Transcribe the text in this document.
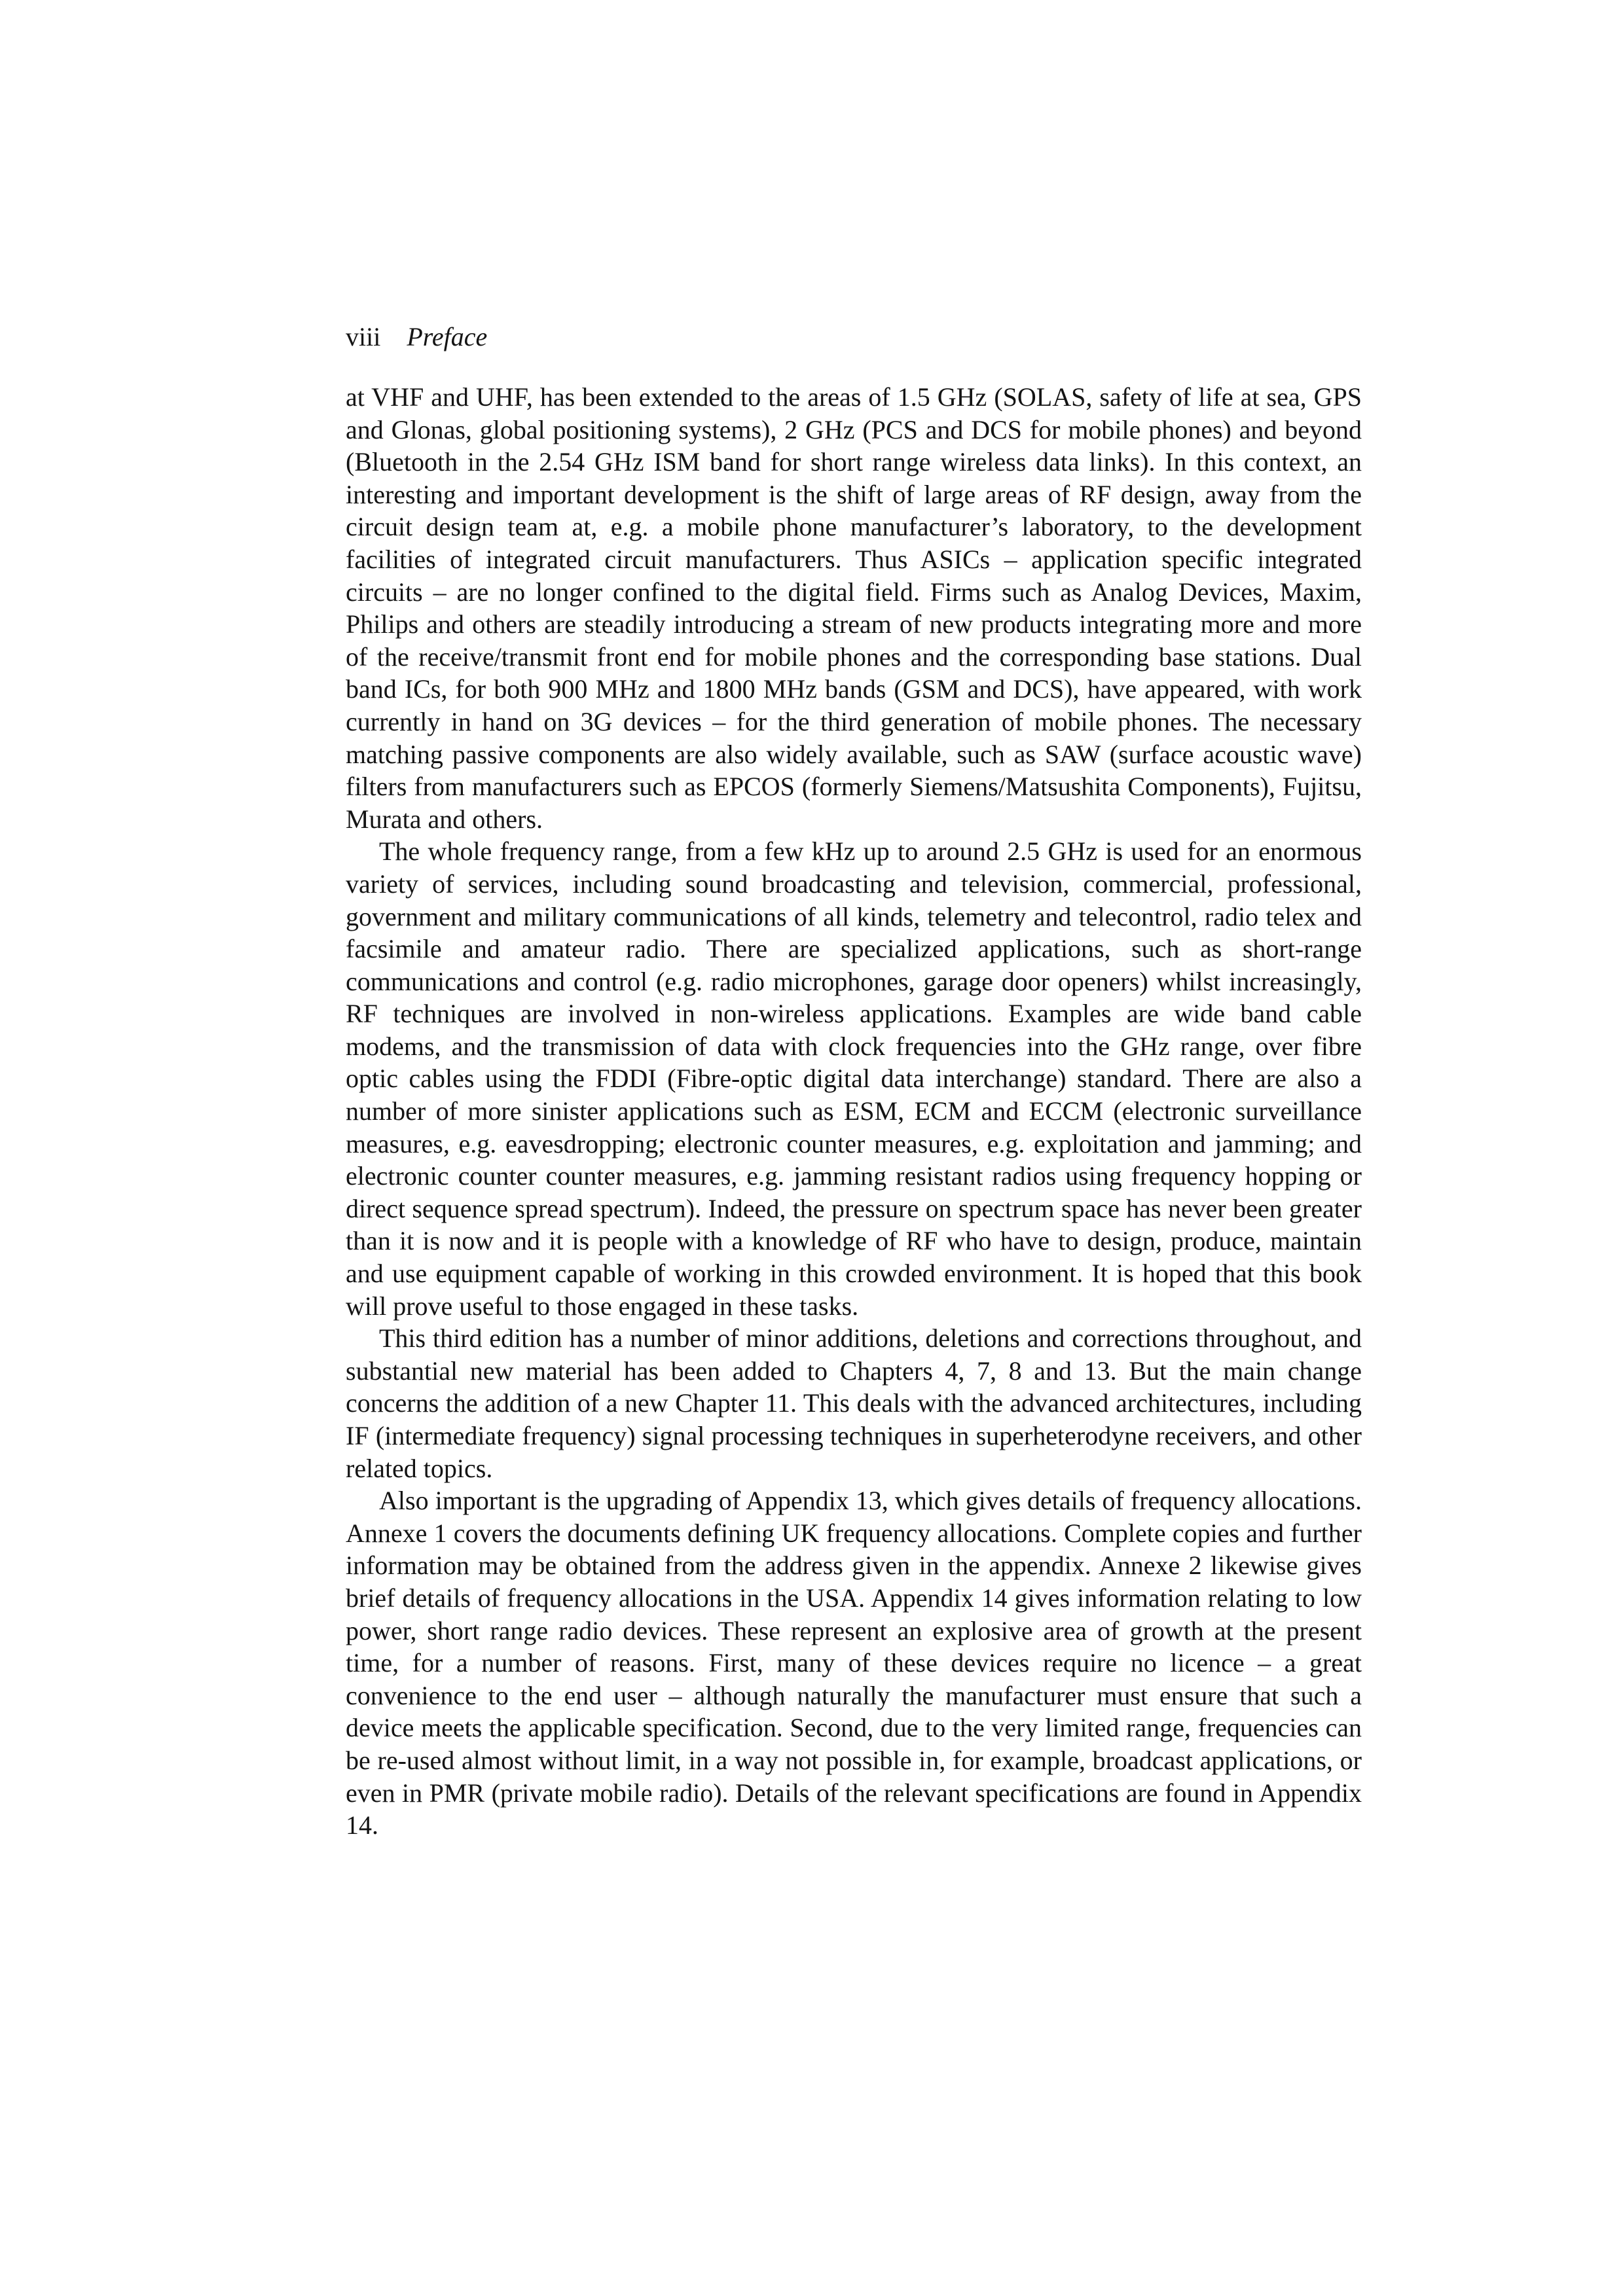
viii Preface

at VHF and UHF, has been extended to the areas of 1.5 GHz (SOLAS, safety of life at sea, GPS and Glonas, global positioning systems), 2 GHz (PCS and DCS for mobile phones) and beyond (Bluetooth in the 2.54 GHz ISM band for short range wireless data links). In this context, an interesting and important development is the shift of large areas of RF design, away from the circuit design team at, e.g. a mobile phone manufacturer’s laboratory, to the development facilities of integrated circuit manufacturers. Thus ASICs – application specific integrated circuits – are no longer confined to the digital field. Firms such as Analog Devices, Maxim, Philips and others are steadily introducing a stream of new products integrating more and more of the receive/transmit front end for mobile phones and the corresponding base stations. Dual band ICs, for both 900 MHz and 1800 MHz bands (GSM and DCS), have appeared, with work currently in hand on 3G devices – for the third generation of mobile phones. The necessary matching passive components are also widely available, such as SAW (surface acoustic wave) filters from manufacturers such as EPCOS (formerly Siemens/Matsushita Components), Fujitsu, Murata and others.

The whole frequency range, from a few kHz up to around 2.5 GHz is used for an enormous variety of services, including sound broadcasting and television, commercial, professional, government and military communications of all kinds, telemetry and telecontrol, radio telex and facsimile and amateur radio. There are specialized applications, such as short-range communications and control (e.g. radio microphones, garage door openers) whilst increasingly, RF techniques are involved in non-wireless applications. Examples are wide band cable modems, and the transmission of data with clock frequencies into the GHz range, over fibre optic cables using the FDDI (Fibre-optic digital data interchange) standard. There are also a number of more sinister applications such as ESM, ECM and ECCM (electronic surveillance measures, e.g. eavesdropping; electronic counter measures, e.g. exploitation and jamming; and electronic counter counter measures, e.g. jamming resistant radios using frequency hopping or direct sequence spread spectrum). Indeed, the pressure on spectrum space has never been greater than it is now and it is people with a knowledge of RF who have to design, produce, maintain and use equipment capable of working in this crowded environment. It is hoped that this book will prove useful to those engaged in these tasks.

This third edition has a number of minor additions, deletions and corrections throughout, and substantial new material has been added to Chapters 4, 7, 8 and 13. But the main change concerns the addition of a new Chapter 11. This deals with the advanced architectures, including IF (intermediate frequency) signal processing techniques in superheterodyne receivers, and other related topics.

Also important is the upgrading of Appendix 13, which gives details of frequency allocations. Annexe 1 covers the documents defining UK frequency allocations. Complete copies and further information may be obtained from the address given in the appendix. Annexe 2 likewise gives brief details of frequency allocations in the USA. Appendix 14 gives information relating to low power, short range radio devices. These represent an explosive area of growth at the present time, for a number of reasons. First, many of these devices require no licence – a great convenience to the end user – although naturally the manufacturer must ensure that such a device meets the applicable specification. Second, due to the very limited range, frequencies can be re-used almost without limit, in a way not possible in, for example, broadcast applications, or even in PMR (private mobile radio). Details of the relevant specifications are found in Appendix 14.
